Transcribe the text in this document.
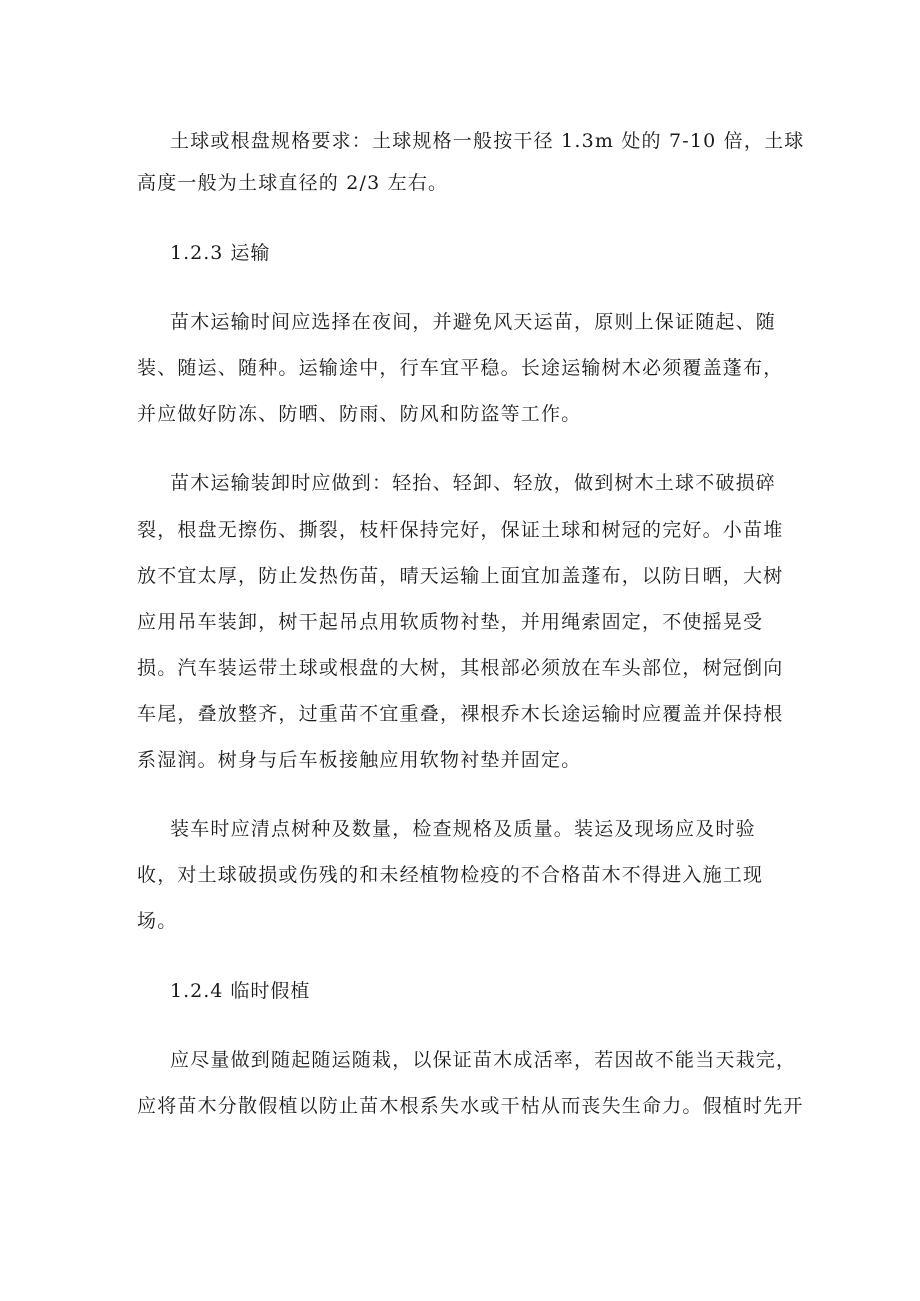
土球或根盘规格要求：土球规格一般按干径 1.3m 处的 7-10 倍，土球
高度一般为土球直径的 2/3 左右。
1.2.3 运输
苗木运输时间应选择在夜间，并避免风天运苗，原则上保证随起、随
装、随运、随种。运输途中，行车宜平稳。长途运输树木必须覆盖蓬布，
并应做好防冻、防晒、防雨、防风和防盗等工作。
苗木运输装卸时应做到：轻抬、轻卸、轻放，做到树木土球不破损碎
裂，根盘无擦伤、撕裂，枝杆保持完好，保证土球和树冠的完好。小苗堆
放不宜太厚，防止发热伤苗，晴天运输上面宜加盖蓬布，以防日晒，大树
应用吊车装卸，树干起吊点用软质物衬垫，并用绳索固定，不使摇晃受
损。汽车装运带土球或根盘的大树，其根部必须放在车头部位，树冠倒向
车尾，叠放整齐，过重苗不宜重叠，裸根乔木长途运输时应覆盖并保持根
系湿润。树身与后车板接触应用软物衬垫并固定。
装车时应清点树种及数量，检查规格及质量。装运及现场应及时验
收，对土球破损或伤残的和未经植物检疫的不合格苗木不得进入施工现
场。
1.2.4 临时假植
应尽量做到随起随运随栽，以保证苗木成活率，若因故不能当天栽完，
应将苗木分散假植以防止苗木根系失水或干枯从而丧失生命力。假植时先开
